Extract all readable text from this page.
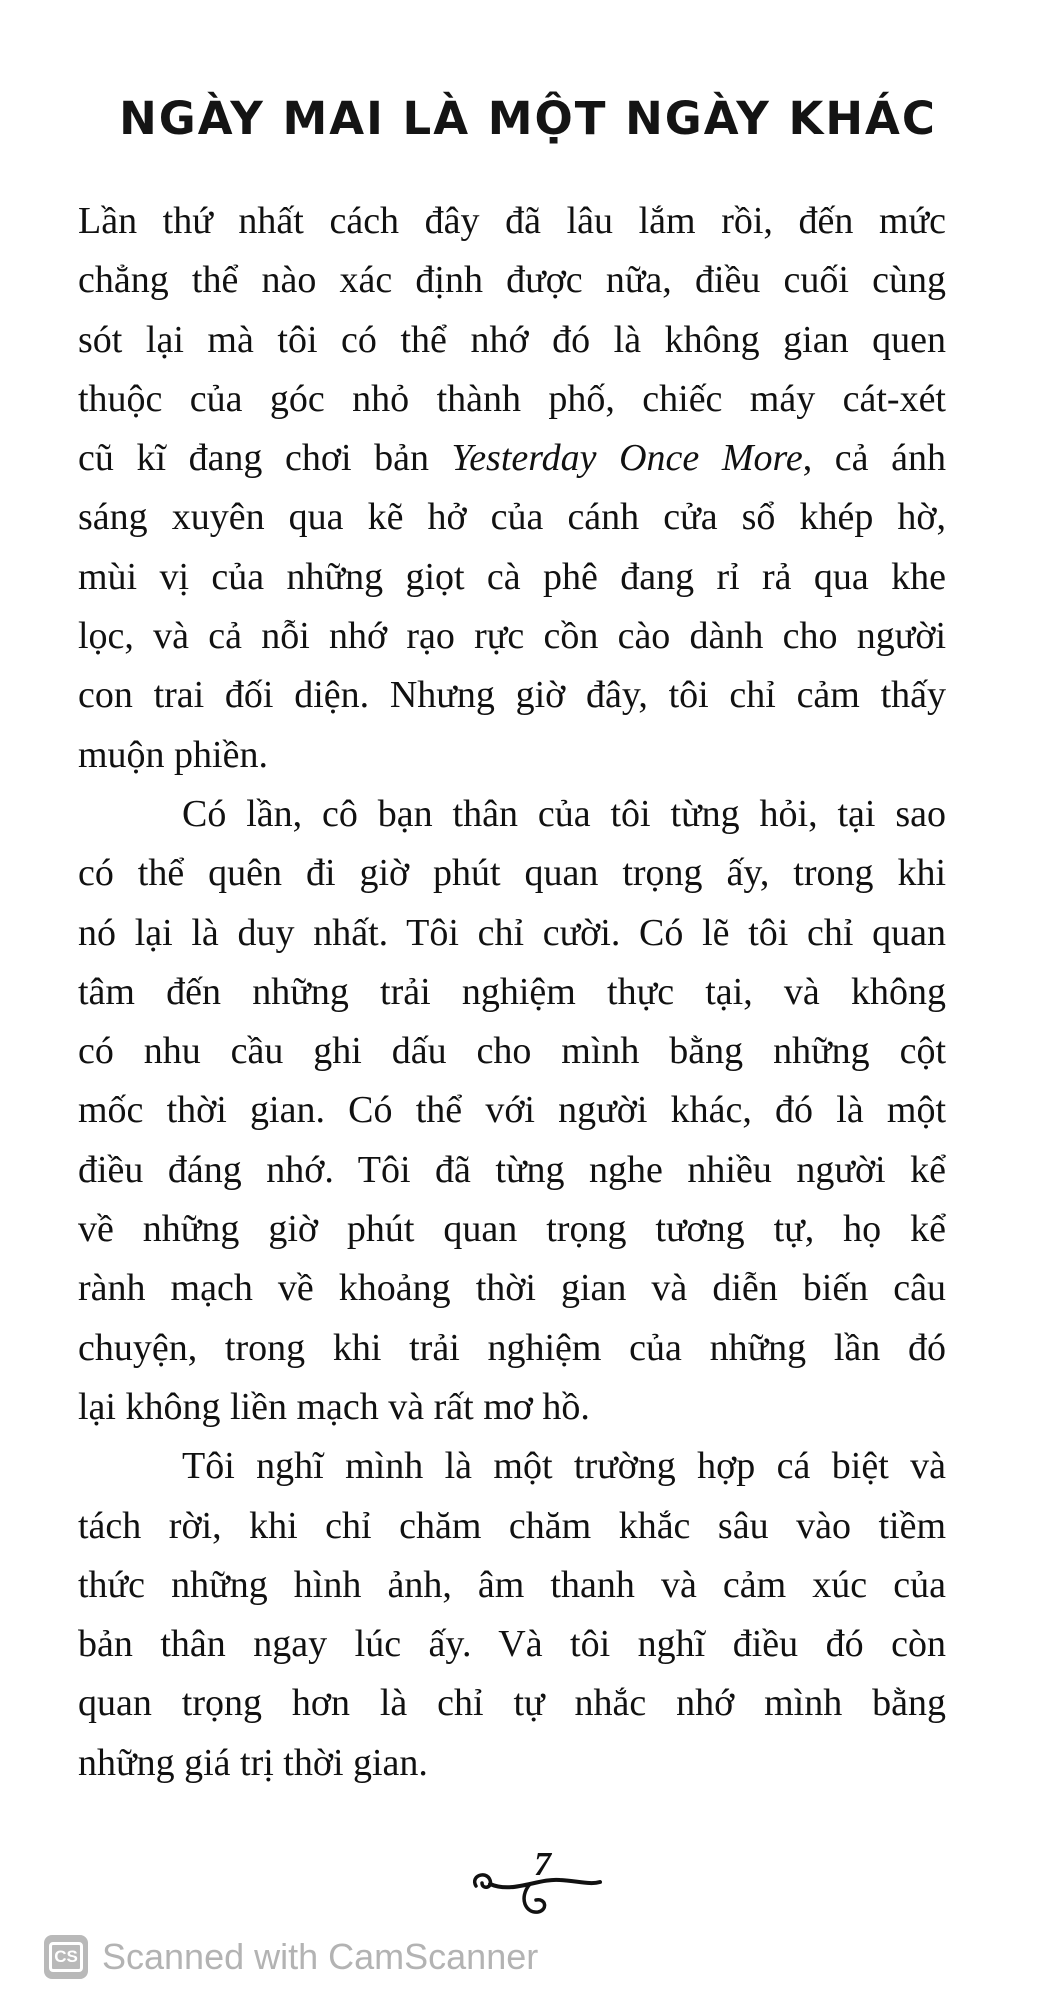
NGÀY MAI LÀ MỘT NGÀY KHÁC
Lần thứ nhất cách đây đã lâu lắm rồi, đến mức
chẳng thể nào xác định được nữa, điều cuối cùng
sót lại mà tôi có thể nhớ đó là không gian quen
thuộc của góc nhỏ thành phố, chiếc máy cát-xét
cũ kĩ đang chơi bản Yesterday Once More, cả ánh
sáng xuyên qua kẽ hở của cánh cửa sổ khép hờ,
mùi vị của những giọt cà phê đang rỉ rả qua khe
lọc, và cả nỗi nhớ rạo rực cồn cào dành cho người
con trai đối diện. Nhưng giờ đây, tôi chỉ cảm thấy
muộn phiền.
Có lần, cô bạn thân của tôi từng hỏi, tại sao
có thể quên đi giờ phút quan trọng ấy, trong khi
nó lại là duy nhất. Tôi chỉ cười. Có lẽ tôi chỉ quan
tâm đến những trải nghiệm thực tại, và không
có nhu cầu ghi dấu cho mình bằng những cột
mốc thời gian. Có thể với người khác, đó là một
điều đáng nhớ. Tôi đã từng nghe nhiều người kể
về những giờ phút quan trọng tương tự, họ kể
rành mạch về khoảng thời gian và diễn biến câu
chuyện, trong khi trải nghiệm của những lần đó
lại không liền mạch và rất mơ hồ.
Tôi nghĩ mình là một trường hợp cá biệt và
tách rời, khi chỉ chăm chăm khắc sâu vào tiềm
thức những hình ảnh, âm thanh và cảm xúc của
bản thân ngay lúc ấy. Và tôi nghĩ điều đó còn
quan trọng hơn là chỉ tự nhắc nhớ mình bằng
những giá trị thời gian.
7
CS Scanned with CamScanner
